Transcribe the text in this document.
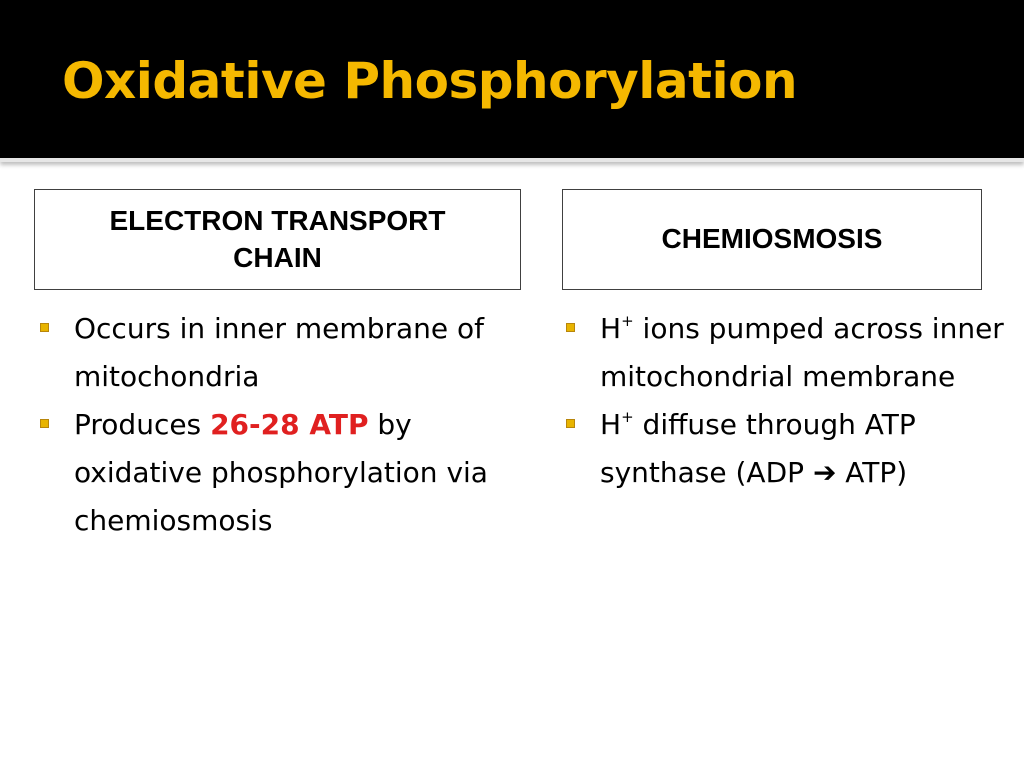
Oxidative Phosphorylation
ELECTRON TRANSPORT
CHAIN
CHEMIOSMOSIS
Occurs in inner membrane of mitochondria
Produces 26-28 ATP by oxidative phosphorylation via chemiosmosis
H+ ions pumped across inner mitochondrial membrane
H+ diffuse through ATP synthase (ADP ➔ ATP)
